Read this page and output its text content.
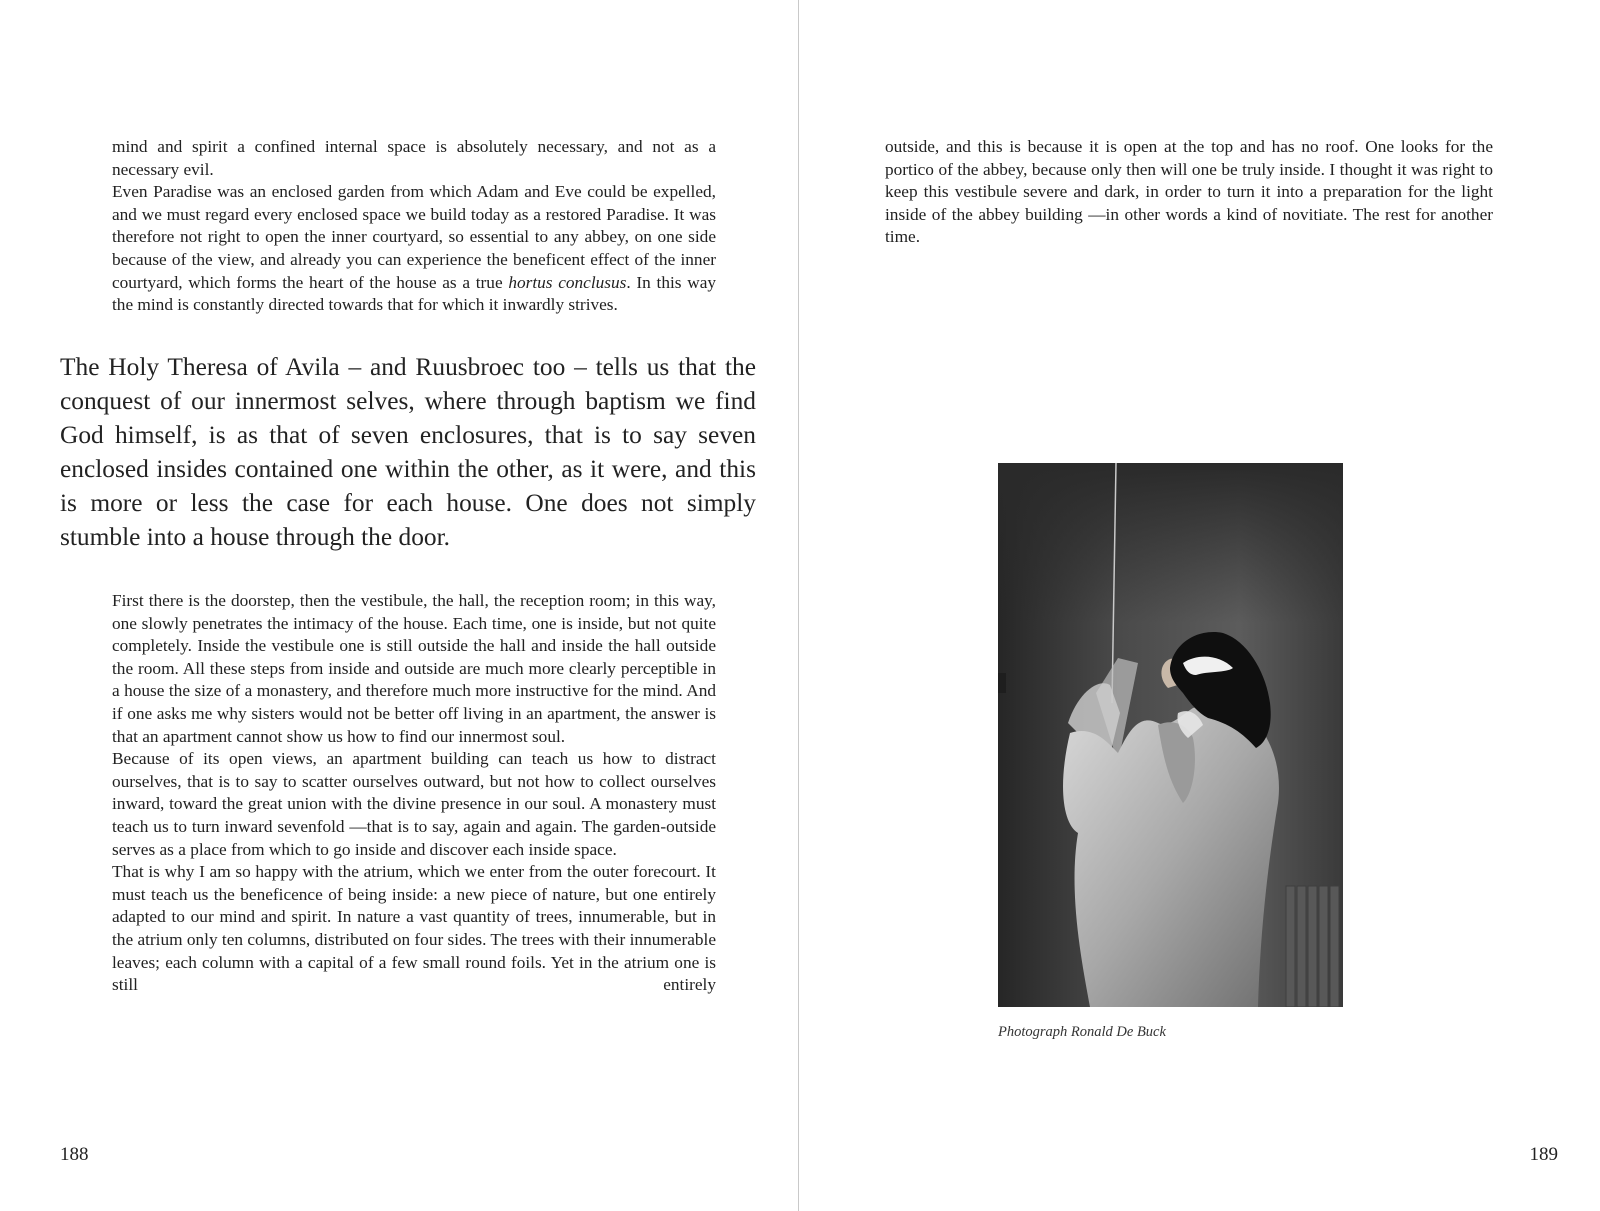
mind and spirit a confined internal space is absolutely necessary, and not as a necessary evil.

Even Paradise was an enclosed garden from which Adam and Eve could be expelled, and we must regard every enclosed space we build today as a restored Paradise. It was therefore not right to open the inner courtyard, so essential to any abbey, on one side because of the view, and already you can experience the beneficent effect of the inner courtyard, which forms the heart of the house as a true hortus conclusus. In this way the mind is constantly directed towards that for which it inwardly strives.

The Holy Theresa of Avila – and Ruusbroec too – tells us that the conquest of our innermost selves, where through baptism we find God himself, is as that of seven enclosures, that is to say seven enclosed insides contained one within the other, as it were, and this is more or less the case for each house. One does not simply stumble into a house through the door.

First there is the doorstep, then the vestibule, the hall, the reception room; in this way, one slowly penetrates the intimacy of the house. Each time, one is inside, but not quite completely. Inside the vestibule one is still outside the hall and inside the hall outside the room. All these steps from inside and outside are much more clearly perceptible in a house the size of a monastery, and therefore much more instructive for the mind. And if one asks me why sisters would not be better off living in an apartment, the answer is that an apartment cannot show us how to find our innermost soul.

Because of its open views, an apartment building can teach us how to distract ourselves, that is to say to scatter ourselves outward, but not how to collect ourselves inward, toward the great union with the divine presence in our soul. A monastery must teach us to turn inward sevenfold —that is to say, again and again. The garden-outside serves as a place from which to go inside and discover each inside space.

That is why I am so happy with the atrium, which we enter from the outer forecourt. It must teach us the beneficence of being inside: a new piece of nature, but one entirely adapted to our mind and spirit. In nature a vast quantity of trees, innumerable, but in the atrium only ten columns, distributed on four sides. The trees with their innumerable leaves; each column with a capital of a few small round foils. Yet in the atrium one is still entirely

188

outside, and this is because it is open at the top and has no roof. One looks for the portico of the abbey, because only then will one be truly inside. I thought it was right to keep this vestibule severe and dark, in order to turn it into a preparation for the light inside of the abbey building —in other words a kind of novitiate. The rest for another time.

Photograph Ronald De Buck

189
